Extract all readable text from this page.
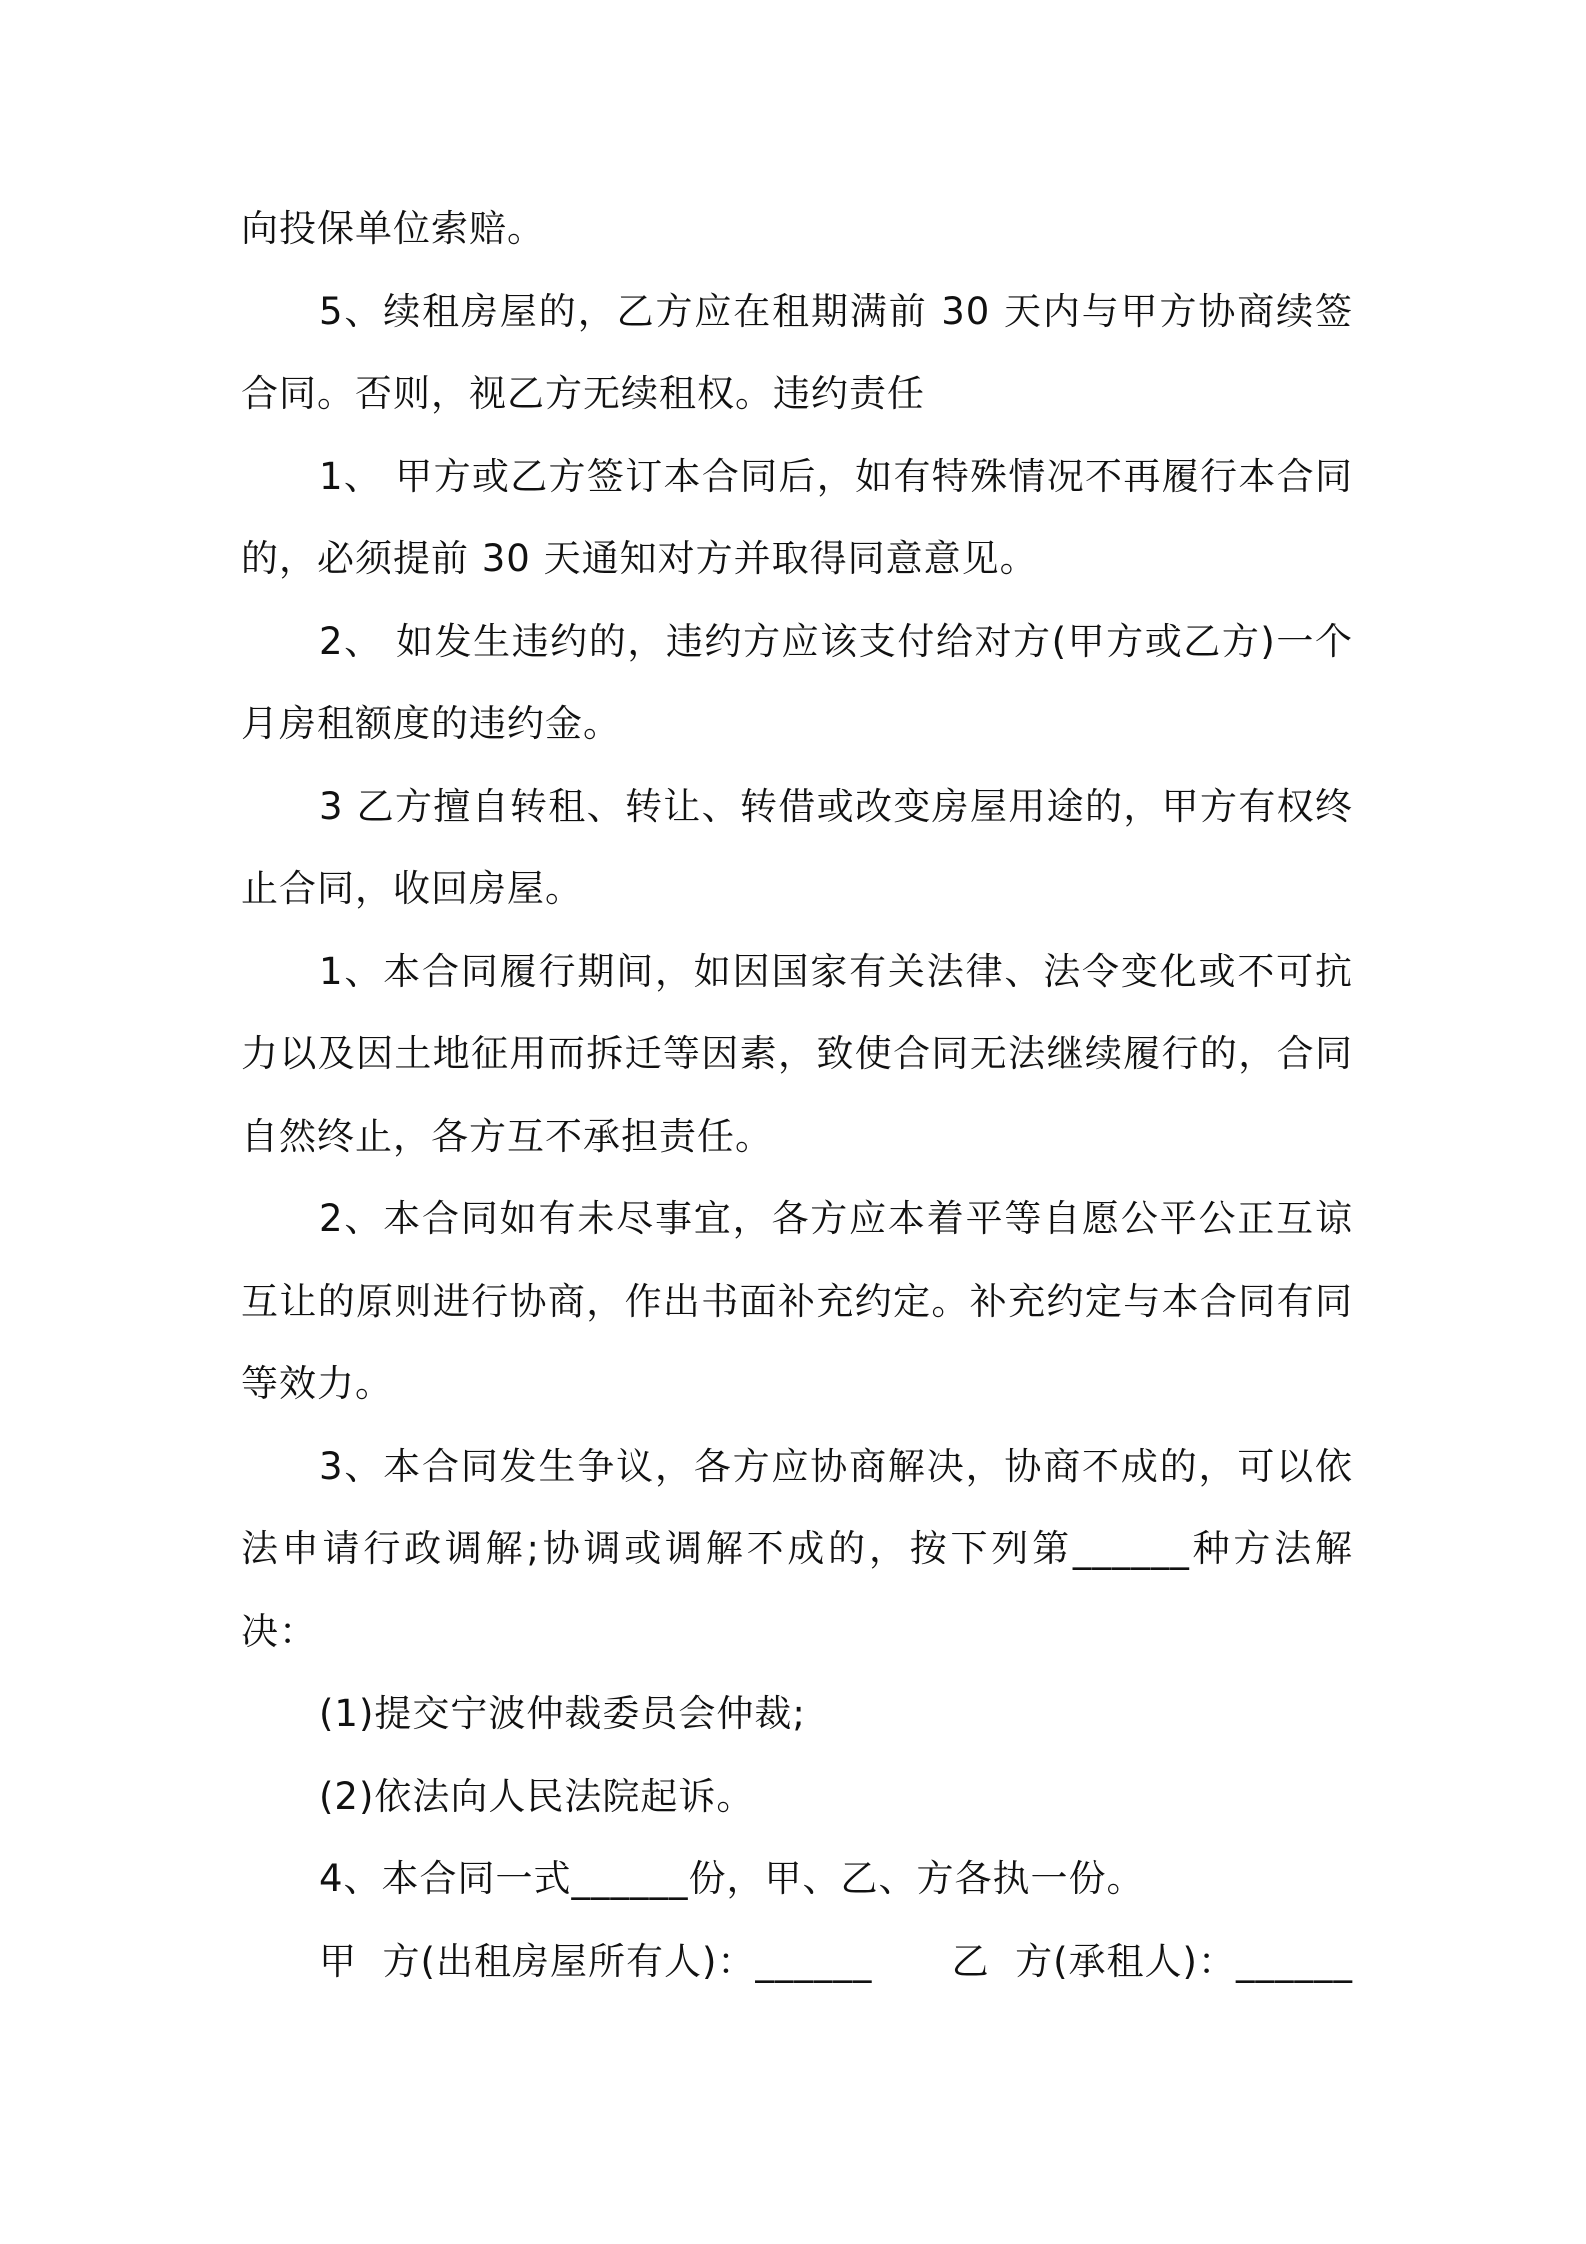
向投保单位索赔。

5、续租房屋的，乙方应在租期满前 30 天内与甲方协商续签合同。否则，视乙方无续租权。违约责任

1、 甲方或乙方签订本合同后，如有特殊情况不再履行本合同的，必须提前 30 天通知对方并取得同意意见。

2、 如发生违约的，违约方应该支付给对方(甲方或乙方)一个月房租额度的违约金。

3 乙方擅自转租、转让、转借或改变房屋用途的，甲方有权终止合同，收回房屋。

1、本合同履行期间，如因国家有关法律、法令变化或不可抗力以及因土地征用而拆迁等因素，致使合同无法继续履行的，合同自然终止，各方互不承担责任。

2、本合同如有未尽事宜，各方应本着平等自愿公平公正互谅互让的原则进行协商，作出书面补充约定。补充约定与本合同有同等效力。

3、本合同发生争议，各方应协商解决，协商不成的，可以依法申请行政调解;协调或调解不成的，按下列第______种方法解决：

(1)提交宁波仲裁委员会仲裁;

(2)依法向人民法院起诉。

4、本合同一式______份，甲、乙、方各执一份。

甲  方(出租房屋所有人)：______ 乙  方(承租人)：______
